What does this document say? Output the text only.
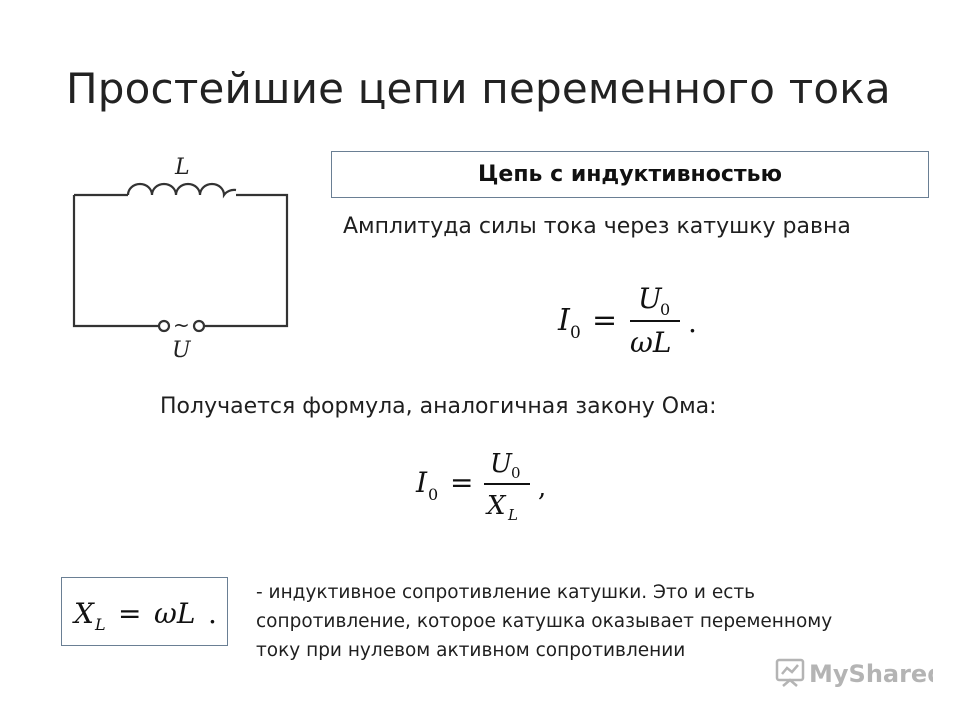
Простейшие цепи переменного тока
L
~
U
Цепь с индуктивностью
Амплитуда силы тока через катушку равна
I 0 =
U
0
ωL
.
Получается формула, аналогичная закону Ома:
I 0 =
U 0
X L
,
X L = ωL .
- индуктивное сопротивление катушки. Это и есть
сопротивление, которое катушка оказывает переменному
току при нулевом активном сопротивлении
MyShared
